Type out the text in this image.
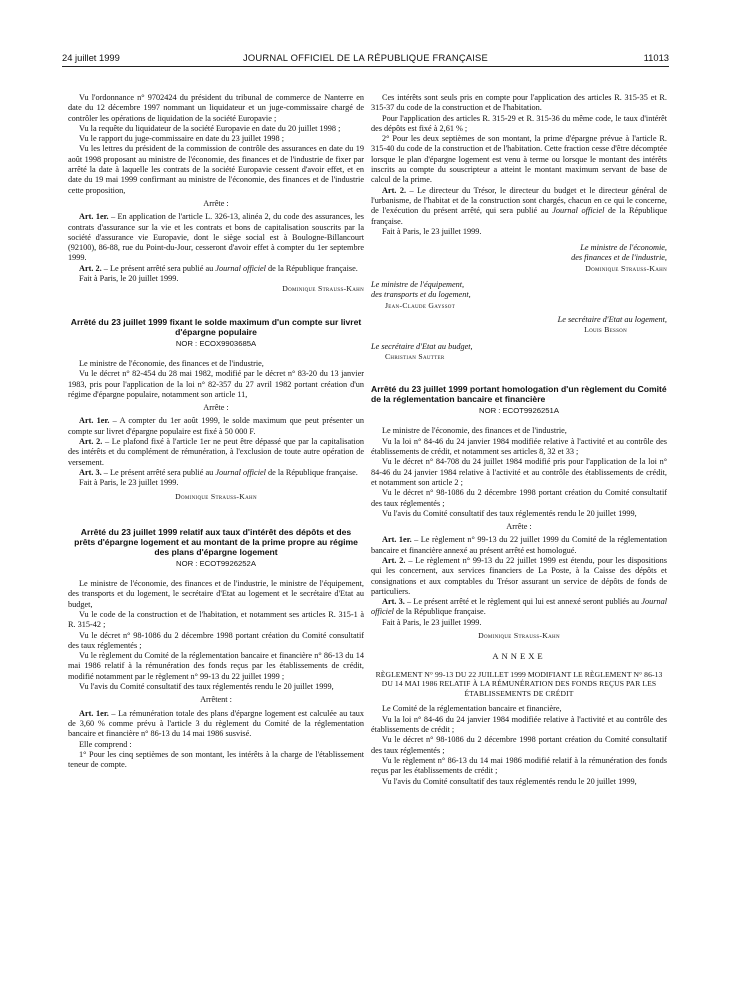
24 juillet 1999	JOURNAL OFFICIEL DE LA RÉPUBLIQUE FRANÇAISE	11013

Vu l'ordonnance n° 9702424 du président du tribunal de commerce de Nanterre en date du 12 décembre 1997 nommant un liquidateur et un juge-commissaire chargé de contrôler les opérations de liquidation de la société Europavie ;

Vu la requête du liquidateur de la société Europavie en date du 20 juillet 1998 ;

Vu le rapport du juge-commissaire en date du 23 juillet 1998 ;

Vu les lettres du président de la commission de contrôle des assurances en date du 19 août 1998 proposant au ministre de l'économie, des finances et de l'industrie de fixer par arrêté la date à laquelle les contrats de la société Europavie cessent d'avoir effet, et en date du 19 mai 1999 confirmant au ministre de l'économie, des finances et de l'industrie cette proposition,

Arrête :

Art. 1er. – En application de l'article L. 326-13, alinéa 2, du code des assurances, les contrats d'assurance sur la vie et les contrats et bons de capitalisation souscrits par la société d'assurance vie Europavie, dont le siège social est à Boulogne-Billancourt (92100), 86-88, rue du Point-du-Jour, cesseront d'avoir effet à compter du 1er septembre 1999.

Art. 2. – Le présent arrêté sera publié au Journal officiel de la République française.

Fait à Paris, le 20 juillet 1999.

Dominique Strauss-Kahn

Arrêté du 23 juillet 1999 fixant le solde maximum d'un compte sur livret d'épargne populaire

NOR : ECOX9903685A

Le ministre de l'économie, des finances et de l'industrie,

Vu le décret n° 82-454 du 28 mai 1982, modifié par le décret n° 83-20 du 13 janvier 1983, pris pour l'application de la loi n° 82-357 du 27 avril 1982 portant création d'un régime d'épargne populaire, notamment son article 11,

Arrête :

Art. 1er. – A compter du 1er août 1999, le solde maximum que peut présenter un compte sur livret d'épargne populaire est fixé à 50 000 F.

Art. 2. – Le plafond fixé à l'article 1er ne peut être dépassé que par la capitalisation des intérêts et du complément de rémunération, à l'exclusion de toute autre opération de versement.

Art. 3. – Le présent arrêté sera publié au Journal officiel de la République française.

Fait à Paris, le 23 juillet 1999.

Dominique Strauss-Kahn

Arrêté du 23 juillet 1999 relatif aux taux d'intérêt des dépôts et des prêts d'épargne logement et au montant de la prime propre au régime des plans d'épargne logement

NOR : ECOT9926252A

Le ministre de l'économie, des finances et de l'industrie, le ministre de l'équipement, des transports et du logement, le secrétaire d'Etat au logement et le secrétaire d'Etat au budget,

Vu le code de la construction et de l'habitation, et notamment ses articles R. 315-1 à R. 315-42 ;

Vu le décret n° 98-1086 du 2 décembre 1998 portant création du Comité consultatif des taux réglementés ;

Vu le règlement du Comité de la réglementation bancaire et financière n° 86-13 du 14 mai 1986 relatif à la rémunération des fonds reçus par les établissements de crédit, modifié notamment par le règlement n° 99-13 du 22 juillet 1999 ;

Vu l'avis du Comité consultatif des taux réglementés rendu le 20 juillet 1999,

Arrêtent :

Art. 1er. – La rémunération totale des plans d'épargne logement est calculée au taux de 3,60 % comme prévu à l'article 3 du règlement du Comité de la réglementation bancaire et financière n° 86-13 du 14 mai 1986 susvisé.

Elle comprend :

1° Pour les cinq septièmes de son montant, les intérêts à la charge de l'établissement teneur de compte.

Ces intérêts sont seuls pris en compte pour l'application des articles R. 315-35 et R. 315-37 du code de la construction et de l'habitation.

Pour l'application des articles R. 315-29 et R. 315-36 du même code, le taux d'intérêt des dépôts est fixé à 2,61 % ;

2° Pour les deux septièmes de son montant, la prime d'épargne prévue à l'article R. 315-40 du code de la construction et de l'habitation. Cette fraction cesse d'être décomptée lorsque le plan d'épargne logement est venu à terme ou lorsque le montant des intérêts inscrits au compte du souscripteur a atteint le montant maximum servant de base de calcul de la prime.

Art. 2. – Le directeur du Trésor, le directeur du budget et le directeur général de l'urbanisme, de l'habitat et de la construction sont chargés, chacun en ce qui le concerne, de l'exécution du présent arrêté, qui sera publié au Journal officiel de la République française.

Fait à Paris, le 23 juillet 1999.

Le ministre de l'économie,

des finances et de l'industrie,

Dominique Strauss-Kahn

Le ministre de l'équipement,

des transports et du logement,

Jean-Claude Gayssot

Le secrétaire d'Etat au logement,

Louis Besson

Le secrétaire d'Etat au budget,

Christian Sautter

Arrêté du 23 juillet 1999 portant homologation d'un règlement du Comité de la réglementation bancaire et financière

NOR : ECOT9926251A

Le ministre de l'économie, des finances et de l'industrie,

Vu la loi n° 84-46 du 24 janvier 1984 modifiée relative à l'activité et au contrôle des établissements de crédit, et notamment ses articles 8, 32 et 33 ;

Vu le décret n° 84-708 du 24 juillet 1984 modifié pris pour l'application de la loi n° 84-46 du 24 janvier 1984 relative à l'activité et au contrôle des établissements de crédit, et notamment son article 2 ;

Vu le décret n° 98-1086 du 2 décembre 1998 portant création du Comité consultatif des taux réglementés ;

Vu l'avis du Comité consultatif des taux réglementés rendu le 20 juillet 1999,

Arrête :

Art. 1er. – Le règlement n° 99-13 du 22 juillet 1999 du Comité de la réglementation bancaire et financière annexé au présent arrêté est homologué.

Art. 2. – Le règlement n° 99-13 du 22 juillet 1999 est étendu, pour les dispositions qui les concernent, aux services financiers de La Poste, à la Caisse des dépôts et consignations et aux comptables du Trésor assurant un service de dépôts de fonds de particuliers.

Art. 3. – Le présent arrêté et le règlement qui lui est annexé seront publiés au Journal officiel de la République française.

Fait à Paris, le 23 juillet 1999.

Dominique Strauss-Kahn

ANNEXE

RÈGLEMENT N° 99-13 DU 22 JUILLET 1999 MODIFIANT LE RÈGLEMENT N° 86-13 DU 14 MAI 1986 RELATIF À LA RÉMUNÉRATION DES FONDS REÇUS PAR LES ÉTABLISSEMENTS DE CRÉDIT

Le Comité de la réglementation bancaire et financière,

Vu la loi n° 84-46 du 24 janvier 1984 modifiée relative à l'activité et au contrôle des établissements de crédit ;

Vu le décret n° 98-1086 du 2 décembre 1998 portant création du Comité consultatif des taux réglementés ;

Vu le règlement n° 86-13 du 14 mai 1986 modifié relatif à la rémunération des fonds reçus par les établissements de crédit ;

Vu l'avis du Comité consultatif des taux réglementés rendu le 20 juillet 1999,
